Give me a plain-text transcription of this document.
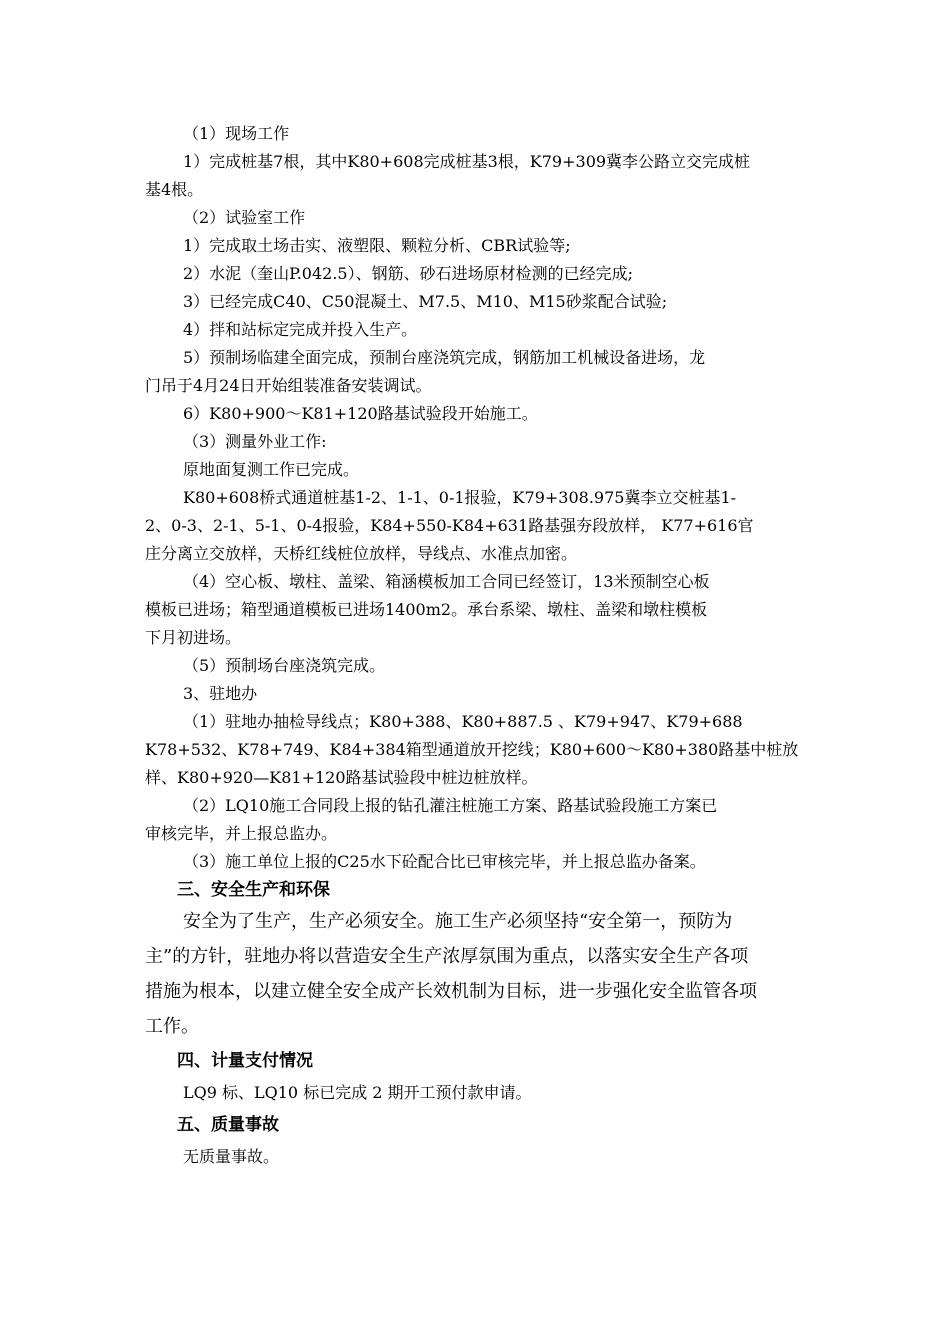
（1）现场工作

1）完成桩基7根，其中K80+608完成桩基3根，K79+309冀李公路立交完成桩

基4根。

（2）试验室工作

1）完成取土场击实、液塑限、颗粒分析、CBR试验等;

2）水泥（奎山P.042.5）、钢筋、砂石进场原材检测的已经完成;

3）已经完成C40、C50混凝土、M7.5、M10、M15砂浆配合试验;

4）拌和站标定完成并投入生产。

5）预制场临建全面完成，预制台座浇筑完成，钢筋加工机械设备进场，龙

门吊于4月24日开始组装准备安装调试。

6）K80+900～K81+120路基试验段开始施工。

（3）测量外业工作:

原地面复测工作已完成。

K80+608桥式通道桩基1-2、1-1、0-1报验，K79+308.975冀李立交桩基1-

2、0-3、2-1、5-1、0-4报验，K84+550-K84+631路基强夯段放样， K77+616官

庄分离立交放样，天桥红线桩位放样，导线点、水准点加密。

（4）空心板、墩柱、盖梁、箱涵模板加工合同已经签订，13米预制空心板

模板已进场；箱型通道模板已进场1400m2。承台系梁、墩柱、盖梁和墩柱模板

下月初进场。

（5）预制场台座浇筑完成。

3、驻地办

（1）驻地办抽检导线点；K80+388、K80+887.5 、K79+947、K79+688

K78+532、K78+749、K84+384箱型通道放开挖线；K80+600～K80+380路基中桩放

样、K80+920—K81+120路基试验段中桩边桩放样。

（2）LQ10施工合同段上报的钻孔灌注桩施工方案、路基试验段施工方案已

审核完毕，并上报总监办。

（3）施工单位上报的C25水下砼配合比已审核完毕，并上报总监办备案。

三、安全生产和环保

安全为了生产，生产必须安全。施工生产必须坚持“安全第一，预防为

主”的方针，驻地办将以营造安全生产浓厚氛围为重点，以落实安全生产各项

措施为根本，以建立健全安全成产长效机制为目标，进一步强化安全监管各项

工作。

四、计量支付情况

LQ9 标、LQ10 标已完成 2 期开工预付款申请。

五、质量事故

无质量事故。
